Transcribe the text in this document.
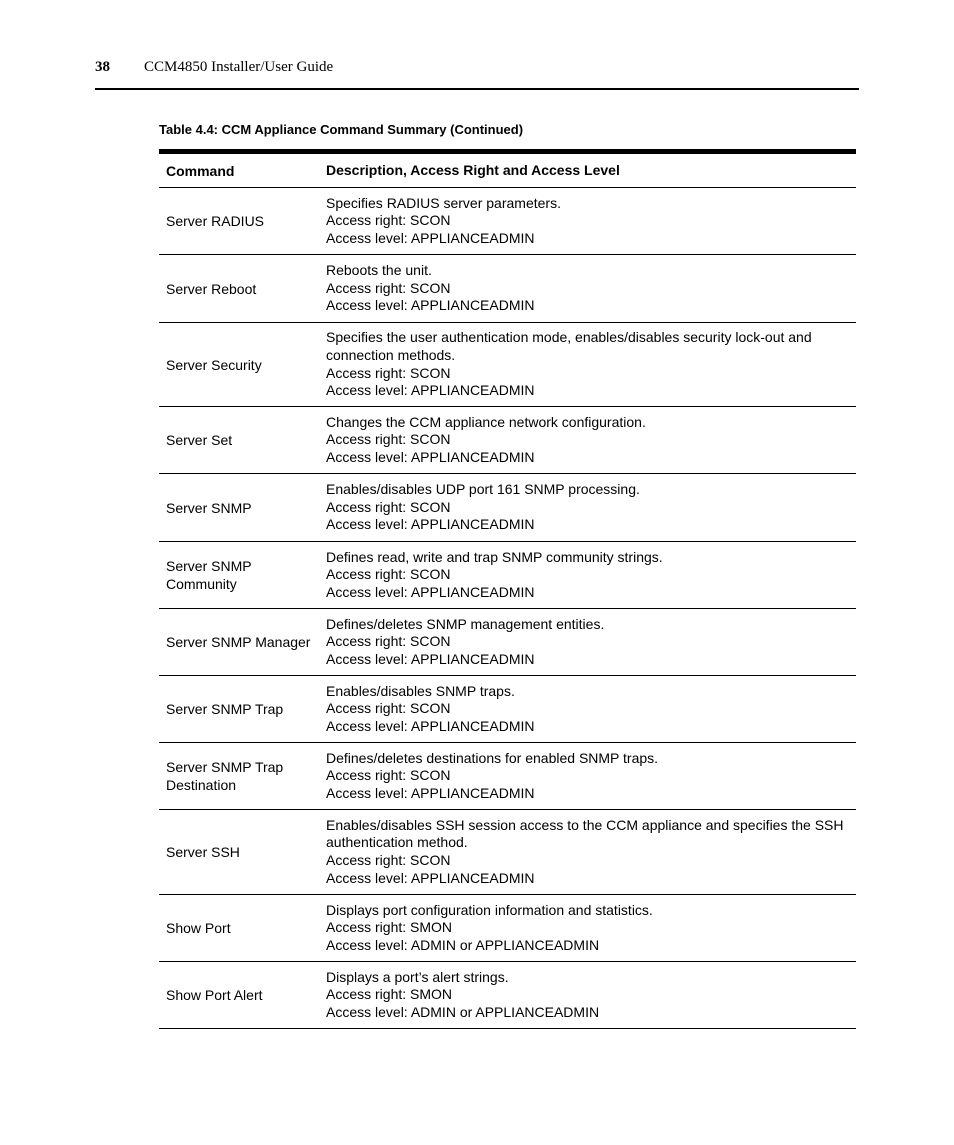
38 CCM4850 Installer/User Guide
Table 4.4: CCM Appliance Command Summary (Continued)
Command	Description, Access Right and Access Level
Server RADIUS
Specifies RADIUS server parameters.
Access right: SCON
Access level: APPLIANCEADMIN
Server Reboot
Reboots the unit.
Access right: SCON
Access level: APPLIANCEADMIN
Server Security
Specifies the user authentication mode, enables/disables security lock-out and connection methods.
Access right: SCON
Access level: APPLIANCEADMIN
Server Set
Changes the CCM appliance network configuration.
Access right: SCON
Access level: APPLIANCEADMIN
Server SNMP
Enables/disables UDP port 161 SNMP processing.
Access right: SCON
Access level: APPLIANCEADMIN
Server SNMP Community
Defines read, write and trap SNMP community strings.
Access right: SCON
Access level: APPLIANCEADMIN
Server SNMP Manager
Defines/deletes SNMP management entities.
Access right: SCON
Access level: APPLIANCEADMIN
Server SNMP Trap
Enables/disables SNMP traps.
Access right: SCON
Access level: APPLIANCEADMIN
Server SNMP Trap Destination
Defines/deletes destinations for enabled SNMP traps.
Access right: SCON
Access level: APPLIANCEADMIN
Server SSH
Enables/disables SSH session access to the CCM appliance and specifies the SSH authentication method.
Access right: SCON
Access level: APPLIANCEADMIN
Show Port
Displays port configuration information and statistics.
Access right: SMON
Access level: ADMIN or APPLIANCEADMIN
Show Port Alert
Displays a port’s alert strings.
Access right: SMON
Access level: ADMIN or APPLIANCEADMIN
